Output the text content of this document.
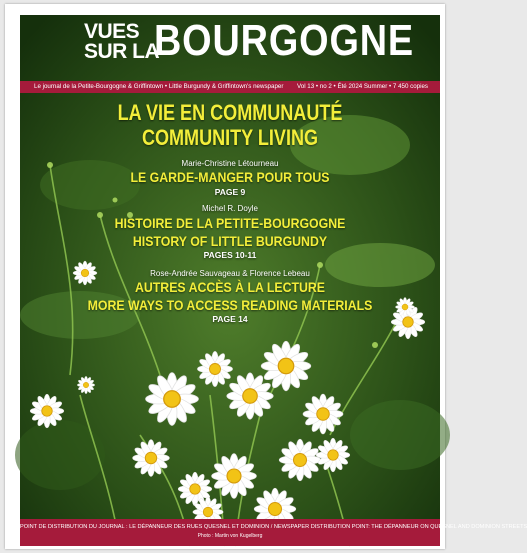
VUES
SUR LA
BOURGOGNE
Le journal de la Petite-Bourgogne & Griffintown • Little Burgundy & Griffintown's newspaper Vol 13 • no 2 • Été 2024 Summer • 7 450 copies
LA VIE EN COMMUNAUTÉ
COMMUNITY LIVING
Marie-Christine Létourneau
LE GARDE-MANGER POUR TOUS
PAGE 9
Michel R. Doyle
HISTOIRE DE LA PETITE-BOURGOGNE
HISTORY OF LITTLE BURGUNDY
PAGES 10-11
Rose-Andrée Sauvageau & Florence Lebeau
AUTRES ACCÈS À LA LECTURE
MORE WAYS TO ACCESS READING MATERIALS
PAGE 14
POINT DE DISTRIBUTION DU JOURNAL : LE DÉPANNEUR DES RUES QUESNEL ET DOMINION / NEWSPAPER DISTRIBUTION POINT: THE DÉPANNEUR ON QUESNEL AND DOMINION STREETS
Photo : Martin von Kugelberg
